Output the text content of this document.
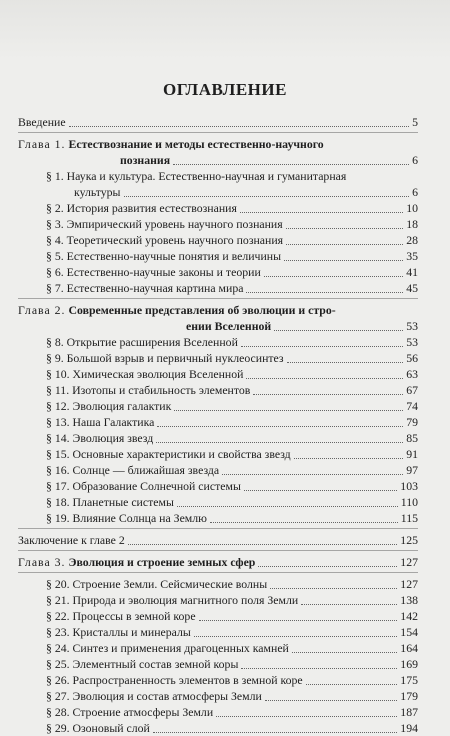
ОГЛАВЛЕНИЕ
Введение	5
Глава 1. Естествознание и методы естественно-научного
познания	6
§ 1. Наука и культура. Естественно-научная и гуманитарная
культуры	6
§ 2. История развития естествознания	10
§ 3. Эмпирический уровень научного познания	18
§ 4. Теоретический уровень научного познания	28
§ 5. Естественно-научные понятия и величины	35
§ 6. Естественно-научные законы и теории	41
§ 7. Естественно-научная картина мира	45
Глава 2. Современные представления об эволюции и стро-
ении Вселенной	53
§ 8. Открытие расширения Вселенной	53
§ 9. Большой взрыв и первичный нуклеосинтез	56
§ 10. Химическая эволюция Вселенной	63
§ 11. Изотопы и стабильность элементов	67
§ 12. Эволюция галактик	74
§ 13. Наша Галактика	79
§ 14. Эволюция звезд	85
§ 15. Основные характеристики и свойства звезд	91
§ 16. Солнце — ближайшая звезда	97
§ 17. Образование Солнечной системы	103
§ 18. Планетные системы	110
§ 19. Влияние Солнца на Землю	115
Заключение к главе 2	125
Глава 3. Эволюция и строение земных сфер	127
§ 20. Строение Земли. Сейсмические волны	127
§ 21. Природа и эволюция магнитного поля Земли	138
§ 22. Процессы в земной коре	142
§ 23. Кристаллы и минералы	154
§ 24. Синтез и применения драгоценных камней	164
§ 25. Элементный состав земной коры	169
§ 26. Распространенность элементов в земной коре	175
§ 27. Эволюция и состав атмосферы Земли	179
§ 28. Строение атмосферы Земли	187
§ 29. Озоновый слой	194
